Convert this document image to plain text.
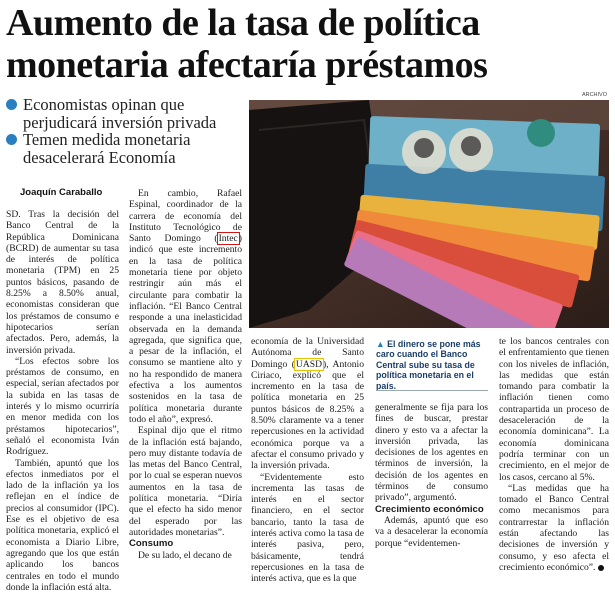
Aumento de la tasa de política monetaria afectaría préstamos
ARCHIVO
Economistas opinan que perjudicará inversión privada
Temen medida monetaria desacelerará Economía
Joaquín Caraballo

SD. Tras la decisión del Banco Central de la República Dominicana (BCRD) de aumentar su tasa de interés de política monetaria (TPM) en 25 puntos básicos, pasando de 8.25% a 8.50% anual, economistas consideran que los préstamos de consumo e hipotecarios serían afectados. Pero, además, la inversión privada.

“Los efectos sobre los préstamos de consumo, en especial, serían afectados por la subida en las tasas de interés y lo mismo ocurriría en menor medida con los préstamos hipotecarios”, señaló el economista Iván Rodríguez.

También, apuntó que los efectos inmediatos por el lado de la inflación ya los reflejan en el índice de precios al consumidor (IPC). Ese es el objetivo de esa política monetaria, explicó el economista a Diario Libre, agregando que los que están aplicando los bancos centrales en todo el mundo donde la inflación está alta.

En cambio, Rafael Espinal, coordinador de la carrera de economía del Instituto Tecnológico de Santo Domingo (Intec) indicó que este incremento en la tasa de política monetaria tiene por objeto restringir aún más el circulante para combatir la inflación. “El Banco Central responde a una inelasticidad observada en la demanda agregada, que significa que, a pesar de la inflación, el consumo se mantiene alto y no ha respondido de manera efectiva a los aumentos sostenidos en la tasa de política monetaria durante todo el año”, expresó.

Espinal dijo que el ritmo de la inflación está bajando, pero muy distante todavía de las metas del Banco Central, por lo cual se esperan nuevos aumentos en la tasa de política monetaria. “Diría que el efecto ha sido menor del esperado por las autoridades monetarias”.

Consumo

De su lado, el decano de

▲ El dinero se pone más caro cuando el Banco Central sube su tasa de política monetaria en el país.

economía de la Universidad Autónoma de Santo Domingo (UASD), Antonio Ciriaco, explicó que el incremento en la tasa de política monetaria en 25 puntos básicos de 8.25% a 8.50% claramente va a tener repercusiones en la actividad económica porque va a afectar el consumo privado y la inversión privada.

“Evidentemente esto incrementa las tasas de interés en el sector financiero, en el sector bancario, tanto la tasa de interés activa como la tasa de interés pasiva, pero, básicamente, tendrá repercusiones en la tasa de interés activa, que es la que

generalmente se fija para los fines de buscar, prestar dinero y esto va a afectar la inversión privada, las decisiones de los agentes en términos de inversión, la decisión de los agentes en términos de consumo privado”, argumentó.

Crecimiento económico

Además, apuntó que eso va a desacelerar la economía porque “evidentemen-

te los bancos centrales con el enfrentamiento que tienen con los niveles de inflación, las medidas que están tomando para combatir la inflación tienen como contrapartida un proceso de desaceleración de la economía dominicana”. La economía dominicana podría terminar con un crecimiento, en el mejor de los casos, cercano al 5%.

“Las medidas que ha tomado el Banco Central como mecanismos para contrarrestar la inflación están afectando las decisiones de inversión y consumo, y eso afecta el crecimiento económico”.
